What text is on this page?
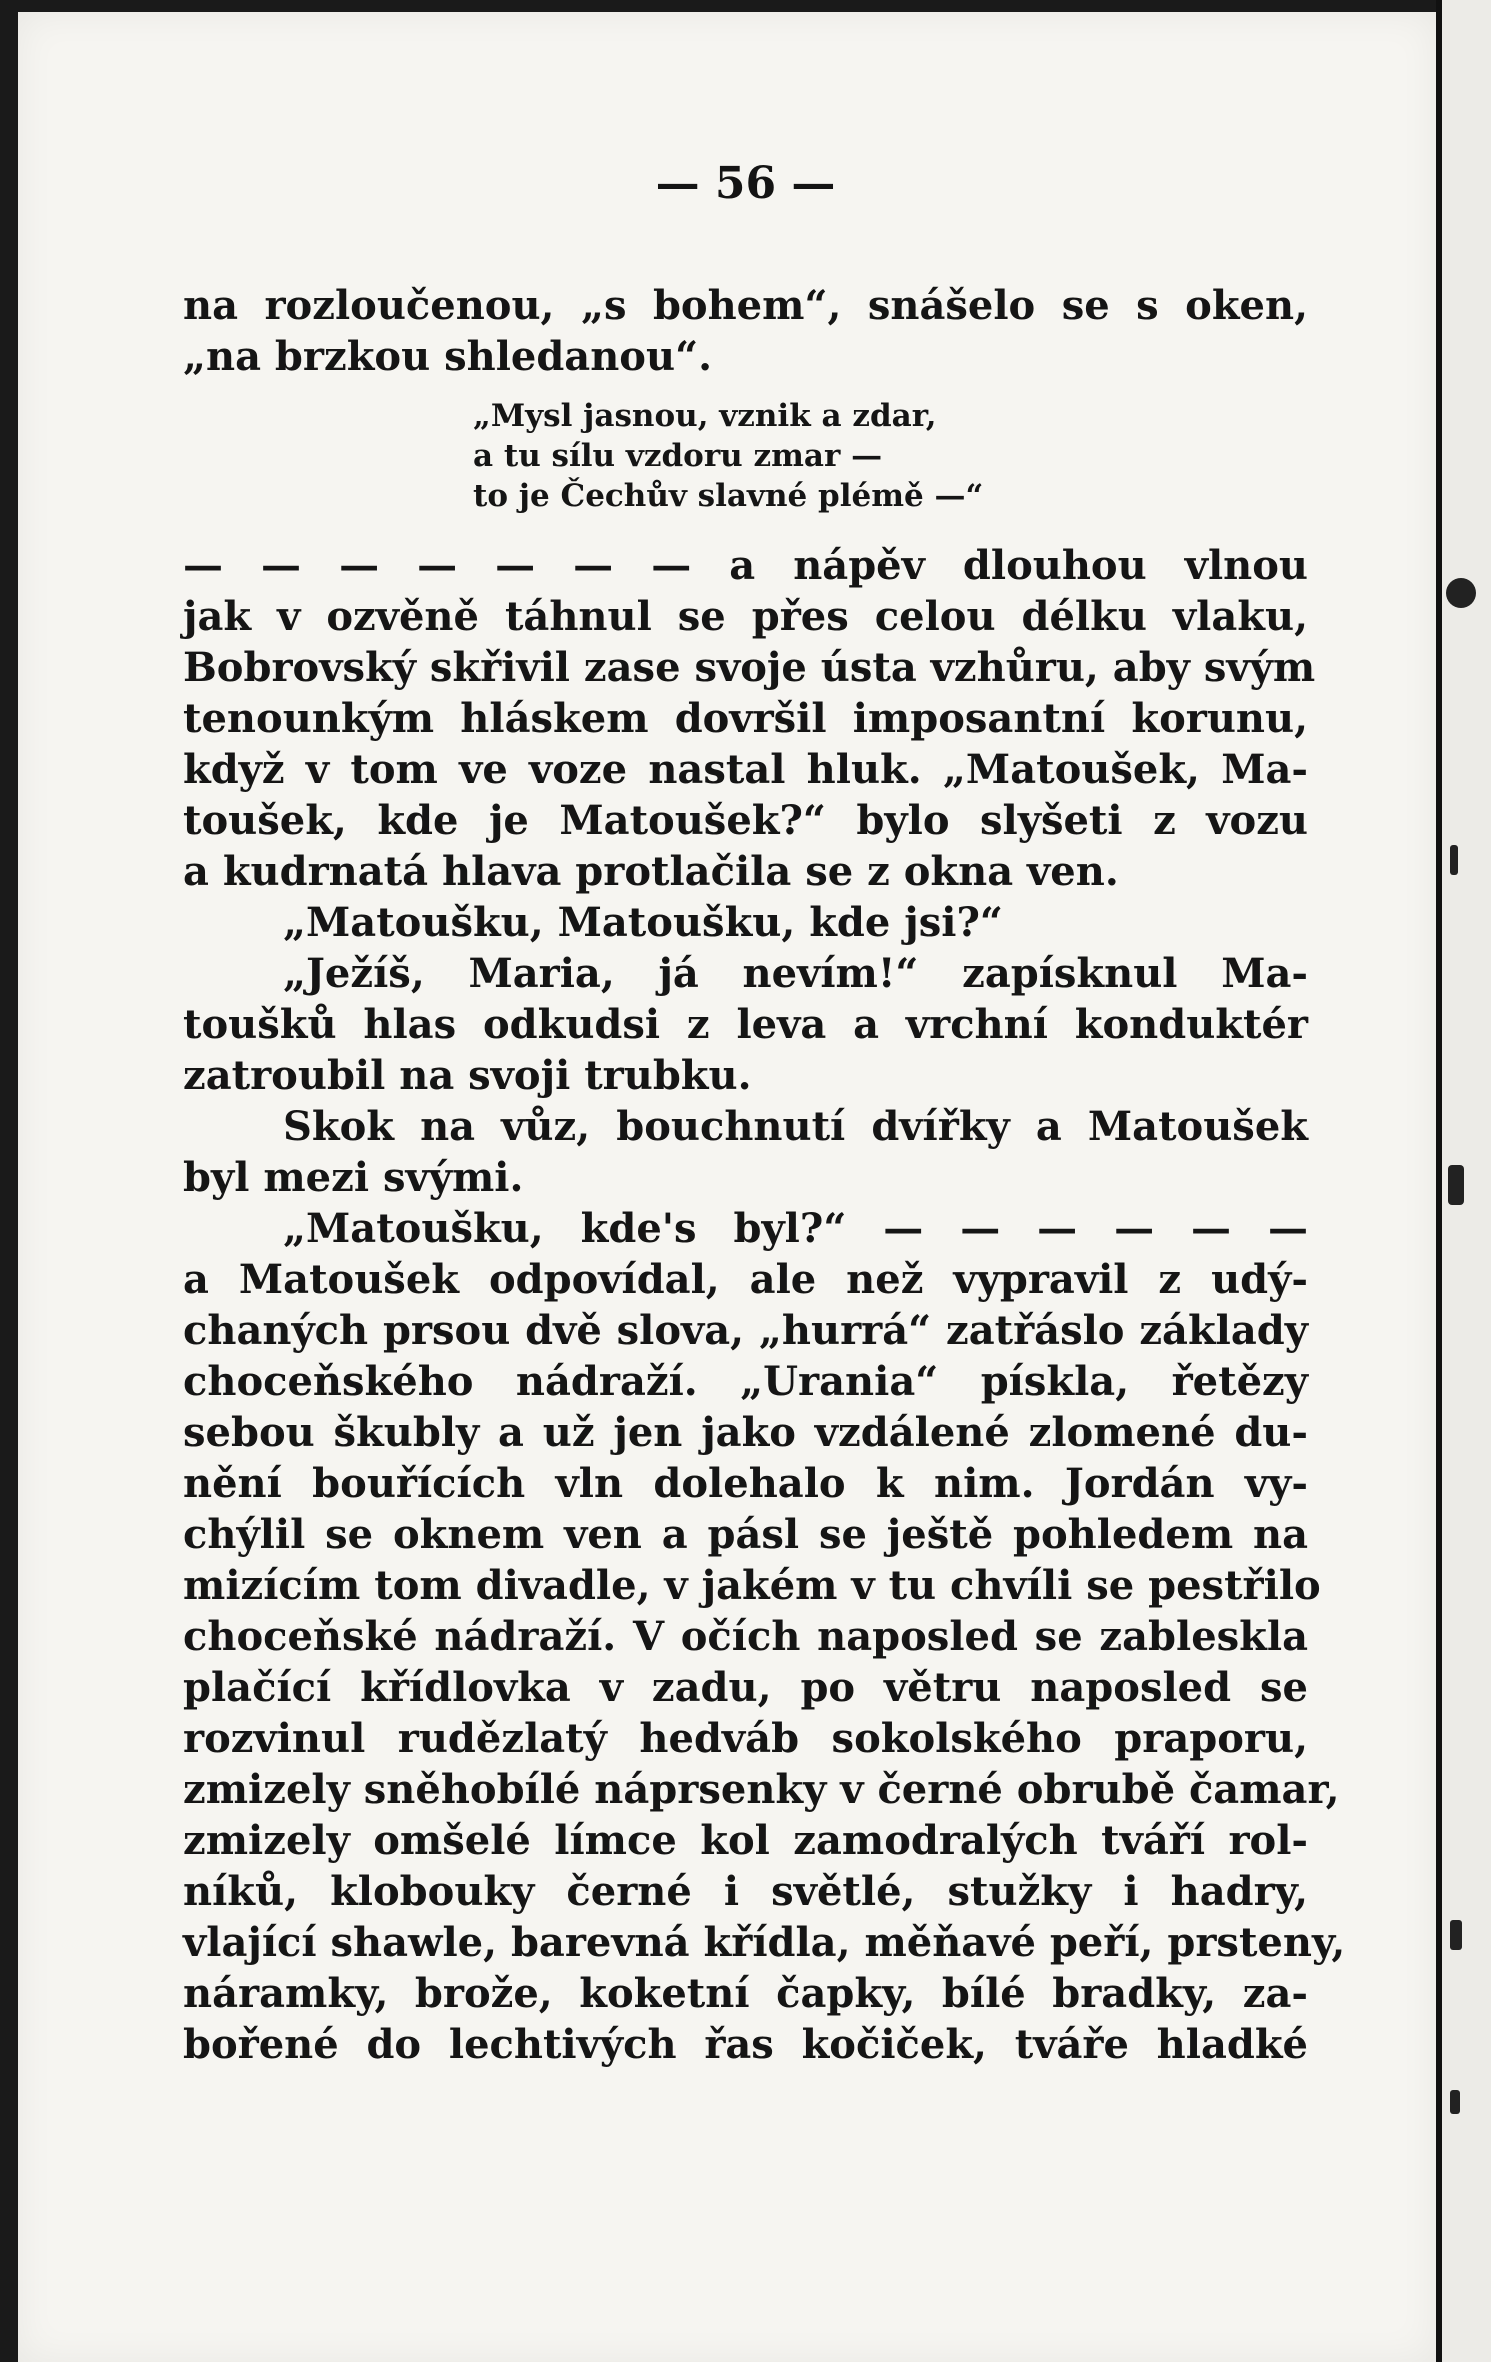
— 56 —
na rozloučenou, „s bohem“, snášelo se s oken,
„na brzkou shledanou“.
„Mysl jasnou, vznik a zdar,
a tu sílu vzdoru zmar —
to je Čechův slavné plémě —“
— — — — — — — a nápěv dlouhou vlnou
jak v ozvěně táhnul se přes celou délku vlaku,
Bobrovský skřivil zase svoje ústa vzhůru, aby svým
tenounkým hláskem dovršil imposantní korunu,
když v tom ve voze nastal hluk. „Matoušek, Ma-
toušek, kde je Matoušek?“ bylo slyšeti z vozu
a kudrnatá hlava protlačila se z okna ven.
„Matoušku, Matoušku, kde jsi?“
„Ježíš, Maria, já nevím!“ zapísknul Ma-
toušků hlas odkudsi z leva a vrchní konduktér
zatroubil na svoji trubku.
Skok na vůz, bouchnutí dvířky a Matoušek
byl mezi svými.
„Matoušku, kde's byl?“ — — — — — —
a Matoušek odpovídal, ale než vypravil z udý-
chaných prsou dvě slova, „hurrá“ zatřáslo základy
choceňského nádraží. „Urania“ pískla, řetězy
sebou škubly a už jen jako vzdálené zlomené du-
nění bouřících vln dolehalo k nim. Jordán vy-
chýlil se oknem ven a pásl se ještě pohledem na
mizícím tom divadle, v jakém v tu chvíli se pestřilo
choceňské nádraží. V očích naposled se zableskla
plačící křídlovka v zadu, po větru naposled se
rozvinul rudězlatý hedváb sokolského praporu,
zmizely sněhobílé náprsenky v černé obrubě čamar,
zmizely omšelé límce kol zamodralých tváří rol-
níků, klobouky černé i světlé, stužky i hadry,
vlající shawle, barevná křídla, měňavé peří, prsteny,
náramky, brože, koketní čapky, bílé bradky, za-
bořené do lechtivých řas kočiček, tváře hladké
